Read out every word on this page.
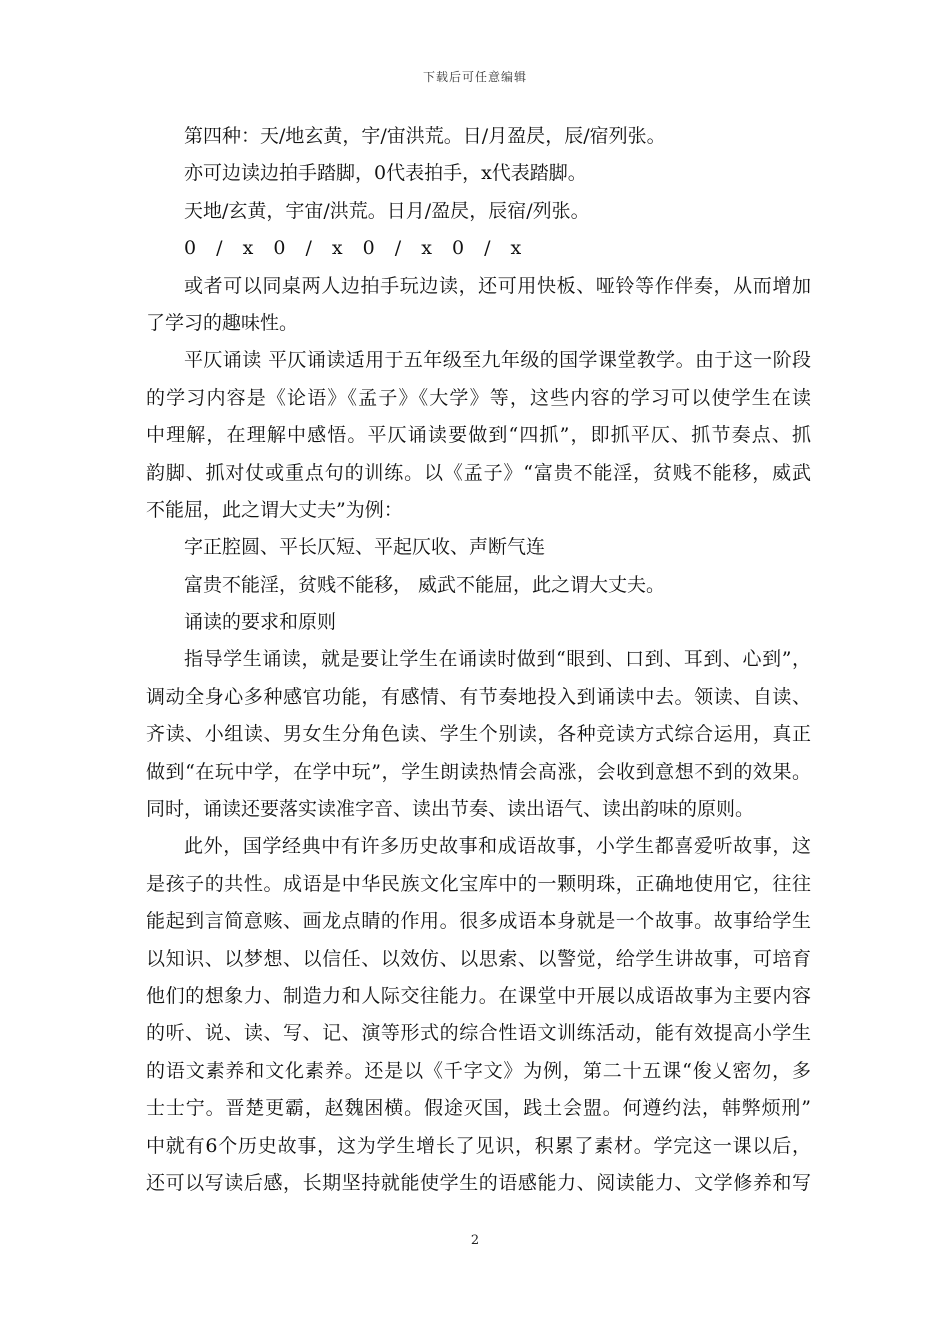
下载后可任意编辑
第四种：天/地玄黄，宇/宙洪荒。日/月盈昃，辰/宿列张。
亦可边读边拍手踏脚，0代表拍手，x代表踏脚。
天地/玄黄，宇宙/洪荒。日月/盈昃，辰宿/列张。
0 / x 0 / x 0 / x 0 / x
或者可以同桌两人边拍手玩边读，还可用快板、哑铃等作伴奏，从而增加
了学习的趣味性。
平仄诵读 平仄诵读适用于五年级至九年级的国学课堂教学。由于这一阶段
的学习内容是《论语》《孟子》《大学》等，这些内容的学习可以使学生在读
中理解，在理解中感悟。平仄诵读要做到“四抓”，即抓平仄、抓节奏点、抓
韵脚、抓对仗或重点句的训练。以《孟子》“富贵不能淫，贫贱不能移，威武
不能屈，此之谓大丈夫”为例：
字正腔圆、平长仄短、平起仄收、声断气连
富贵不能淫，贫贱不能移， 威武不能屈，此之谓大丈夫。
诵读的要求和原则
指导学生诵读，就是要让学生在诵读时做到“眼到、口到、耳到、心到”，
调动全身心多种感官功能，有感情、有节奏地投入到诵读中去。领读、自读、
齐读、小组读、男女生分角色读、学生个别读，各种竞读方式综合运用，真正
做到“在玩中学，在学中玩”，学生朗读热情会高涨，会收到意想不到的效果。
同时，诵读还要落实读准字音、读出节奏、读出语气、读出韵味的原则。
此外，国学经典中有许多历史故事和成语故事，小学生都喜爱听故事，这
是孩子的共性。成语是中华民族文化宝库中的一颗明珠，正确地使用它，往往
能起到言简意赅、画龙点睛的作用。很多成语本身就是一个故事。故事给学生
以知识、以梦想、以信任、以效仿、以思索、以警觉，给学生讲故事，可培育
他们的想象力、制造力和人际交往能力。在课堂中开展以成语故事为主要内容
的听、说、读、写、记、演等形式的综合性语文训练活动，能有效提高小学生
的语文素养和文化素养。还是以《千字文》为例，第二十五课“俊乂密勿，多
士士宁。晋楚更霸，赵魏困横。假途灭国，践土会盟。何遵约法，韩弊烦刑”
中就有6个历史故事，这为学生增长了见识，积累了素材。学完这一课以后，
还可以写读后感，长期坚持就能使学生的语感能力、阅读能力、文学修养和写
2
